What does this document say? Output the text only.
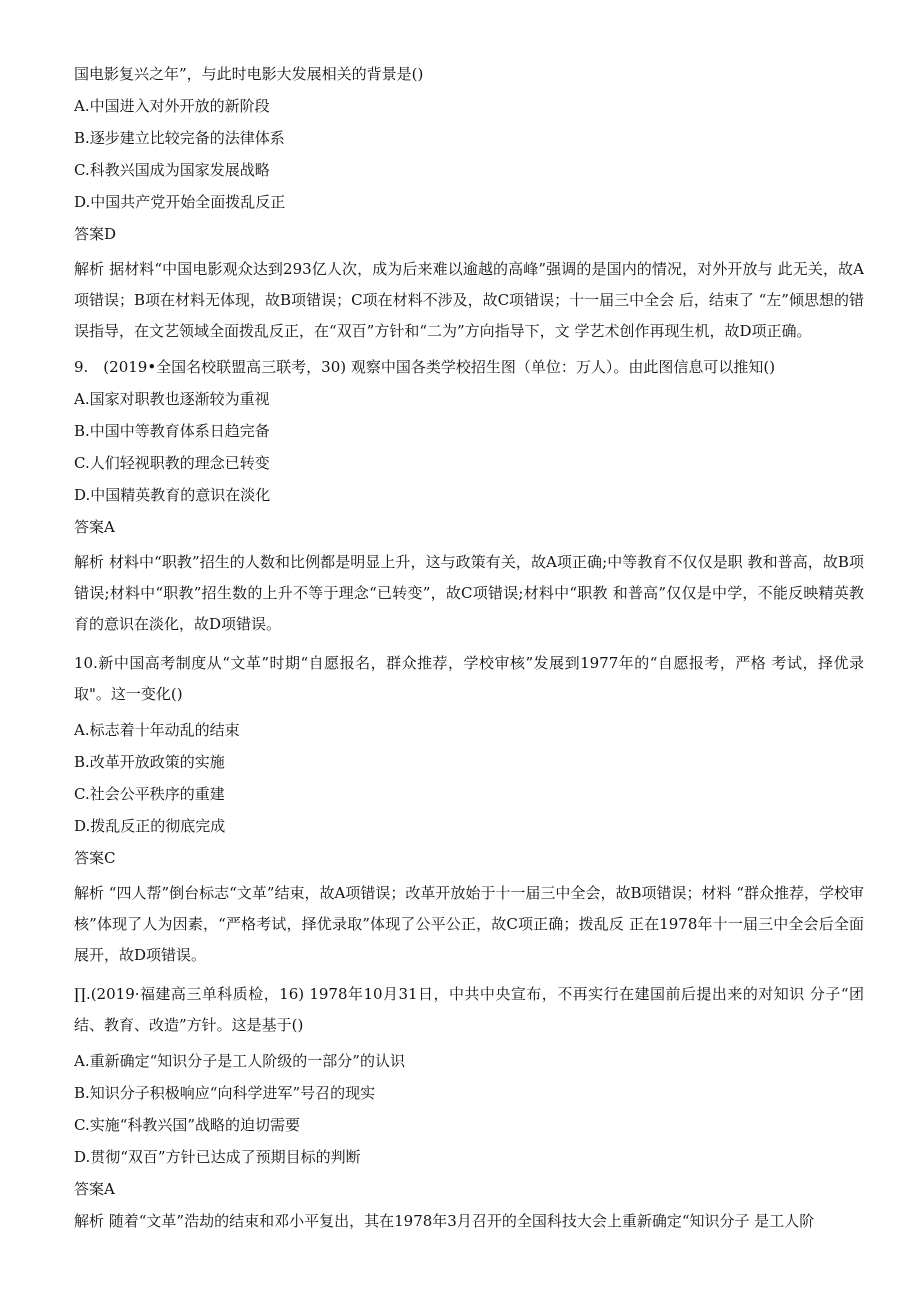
国电影复兴之年”，与此时电影大发展相关的背景是()

A.中国进入对外开放的新阶段

B.逐步建立比较完备的法律体系

C.科教兴国成为国家发展战略

D.中国共产党开始全面拨乱反正

答案D

解析 据材料“中国电影观众达到293亿人次，成为后来难以逾越的高峰”强调的是国内的情况，对外开放与 此无关，故A项错误；B项在材料无体现，故B项错误；C项在材料不涉及，故C项错误；十一届三中全会 后，结束了 “左”倾思想的错误指导，在文艺领域全面拨乱反正，在“双百”方针和“二为”方向指导下，文 学艺术创作再现生机，故D项正确。

9.　(2019•全国名校联盟高三联考，30) 观察中国各类学校招生图（单位：万人）。由此图信息可以推知()

A.国家对职教也逐渐较为重视

B.中国中等教育体系日趋完备

C.人们轻视职教的理念已转变

D.中国精英教育的意识在淡化

答案A

解析 材料中“职教”招生的人数和比例都是明显上升，这与政策有关，故A项正确;中等教育不仅仅是职 教和普高，故B项错误;材料中“职教”招生数的上升不等于理念“已转变”，故C项错误;材料中“职教 和普高”仅仅是中学，不能反映精英教育的意识在淡化，故D项错误。

10.新中国高考制度从“文革”时期“自愿报名，群众推荐，学校审核”发展到1977年的“自愿报考，严格 考试，择优录取"。这一变化()

A.标志着十年动乱的结束

B.改革开放政策的实施

C.社会公平秩序的重建

D.拨乱反正的彻底完成

答案C

解析 “四人帮”倒台标志“文革”结束，故A项错误；改革开放始于十一届三中全会，故B项错误；材料 “群众推荐，学校审核”体现了人为因素，“严格考试，择优录取”体现了公平公正，故C项正确；拨乱反 正在1978年十一届三中全会后全面展开，故D项错误。

∏.(2019·福建高三单科质检，16) 1978年10月31日，中共中央宣布，不再实行在建国前后提出来的对知识 分子“团结、教育、改造”方针。这是基于()

A.重新确定“知识分子是工人阶级的一部分”的认识

B.知识分子积极响应“向科学进军”号召的现实

C.实施“科教兴国”战略的迫切需要

D.贯彻“双百”方针已达成了预期目标的判断

答案A

解析 随着“文革”浩劫的结束和邓小平复出，其在1978年3月召开的全国科技大会上重新确定“知识分子 是工人阶
